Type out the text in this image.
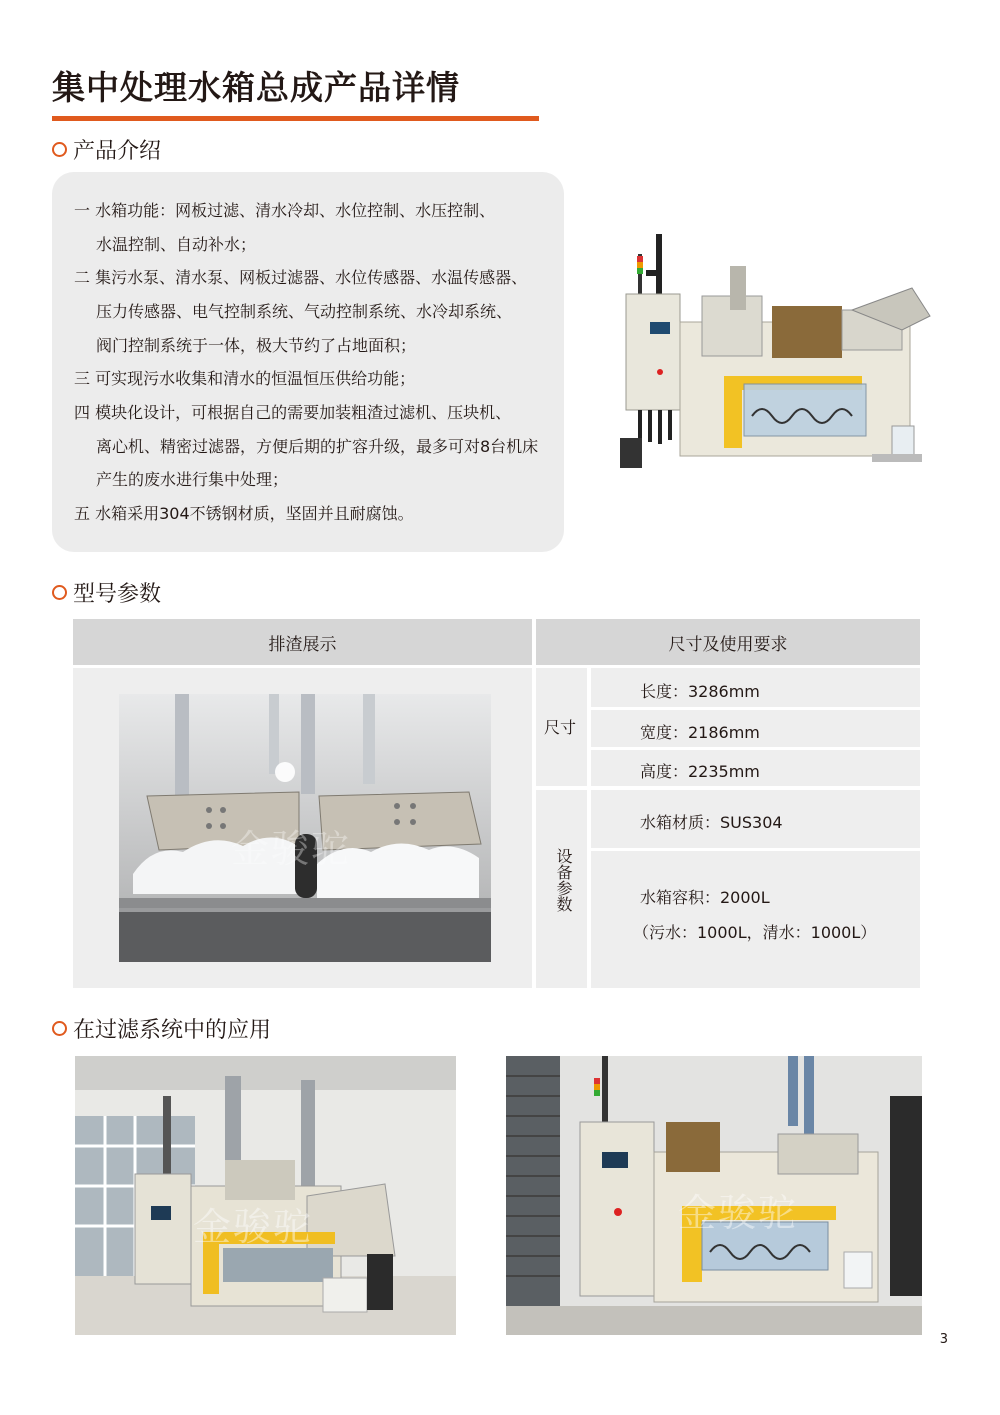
集中处理水箱总成产品详情
产品介绍
一 水箱功能：网板过滤、清水冷却、水位控制、水压控制、
水温控制、自动补水；
二 集污水泵、清水泵、网板过滤器、水位传感器、水温传感器、
压力传感器、电气控制系统、气动控制系统、水冷却系统、
阀门控制系统于一体，极大节约了占地面积；
三 可实现污水收集和清水的恒温恒压供给功能；
四 模块化设计，可根据自己的需要加装粗渣过滤机、压块机、
离心机、精密过滤器，方便后期的扩容升级，最多可对8台机床
产生的废水进行集中处理；
五 水箱采用304不锈钢材质，坚固并且耐腐蚀。
型号参数
排渣展示	尺寸及使用要求
金骏驼
尺寸
长度：3286mm
宽度：2186mm
高度：2235mm
设备参数
水箱材质：SUS304
水箱容积：2000L
（污水：1000L，清水：1000L）
在过滤系统中的应用
金骏驼	金骏驼
3
